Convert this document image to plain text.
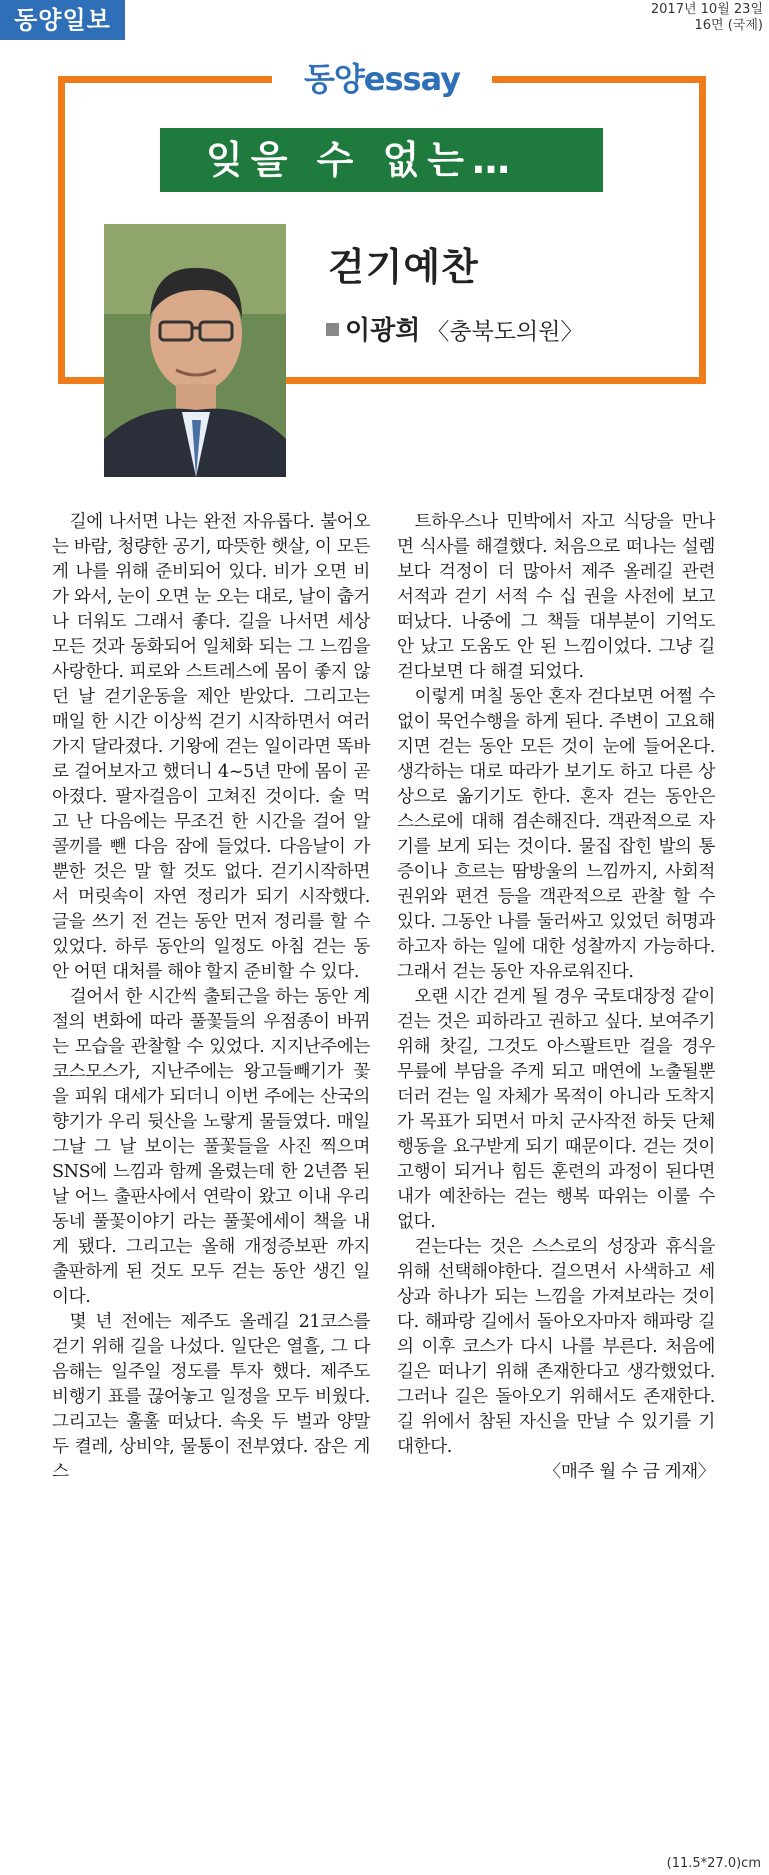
동양일보	2017년 10월 23일
16면 (국제)
동양essay
잊을 수 없는…
걷기예찬
이광희 〈충북도의원〉

길에 나서면 나는 완전 자유롭다. 불어오는 바람, 청량한 공기, 따뜻한 햇살, 이 모든 게 나를 위해 준비되어 있다. 비가 오면 비가 와서, 눈이 오면 눈 오는 대로, 날이 춥거나 더워도 그래서 좋다. 길을 나서면 세상 모든 것과 동화되어 일체화 되는 그 느낌을 사랑한다. 피로와 스트레스에 몸이 좋지 않던 날 걷기운동을 제안 받았다. 그리고는 매일 한 시간 이상씩 걷기 시작하면서 여러 가지 달라졌다. 기왕에 걷는 일이라면 똑바로 걸어보자고 했더니 4~5년 만에 몸이 곧아졌다. 팔자걸음이 고쳐진 것이다. 술 먹고 난 다음에는 무조건 한 시간을 걸어 알콜끼를 뺀 다음 잠에 들었다. 다음날이 가뿐한 것은 말 할 것도 없다. 걷기시작하면서 머릿속이 자연 정리가 되기 시작했다. 글을 쓰기 전 걷는 동안 먼저 정리를 할 수 있었다. 하루 동안의 일정도 아침 걷는 동안 어떤 대처를 해야 할지 준비할 수 있다.

걸어서 한 시간씩 출퇴근을 하는 동안 계절의 변화에 따라 풀꽃들의 우점종이 바뀌는 모습을 관찰할 수 있었다. 지지난주에는 코스모스가, 지난주에는 왕고들빼기가 꽃을 피워 대세가 되더니 이번 주에는 산국의 향기가 우리 뒷산을 노랗게 물들였다. 매일 그날 그 날 보이는 풀꽃들을 사진 찍으며 SNS에 느낌과 함께 올렸는데 한 2년쯤 된 날 어느 출판사에서 연락이 왔고 이내 우리 동네 풀꽃이야기 라는 풀꽃에세이 책을 내게 됐다. 그리고는 올해 개정증보판 까지 출판하게 된 것도 모두 걷는 동안 생긴 일이다.

몇 년 전에는 제주도 올레길 21코스를 걷기 위해 길을 나섰다. 일단은 열흘, 그 다음해는 일주일 정도를 투자 했다. 제주도 비행기 표를 끊어놓고 일정을 모두 비웠다. 그리고는 훌훌 떠났다. 속옷 두 벌과 양말 두 켤레, 상비약, 물통이 전부였다. 잠은 게스

트하우스나 민박에서 자고 식당을 만나면 식사를 해결했다. 처음으로 떠나는 설렘보다 걱정이 더 많아서 제주 올레길 관련 서적과 걷기 서적 수 십 권을 사전에 보고 떠났다. 나중에 그 책들 대부분이 기억도 안 났고 도움도 안 된 느낌이었다. 그냥 길 걷다보면 다 해결 되었다.

이렇게 며칠 동안 혼자 걷다보면 어쩔 수 없이 묵언수행을 하게 된다. 주변이 고요해 지면 걷는 동안 모든 것이 눈에 들어온다. 생각하는 대로 따라가 보기도 하고 다른 상상으로 옮기기도 한다. 혼자 걷는 동안은 스스로에 대해 겸손해진다. 객관적으로 자기를 보게 되는 것이다. 물집 잡힌 발의 통증이나 흐르는 땀방울의 느낌까지, 사회적 권위와 편견 등을 객관적으로 관찰 할 수 있다. 그동안 나를 둘러싸고 있었던 허명과 하고자 하는 일에 대한 성찰까지 가능하다. 그래서 걷는 동안 자유로워진다.

오랜 시간 걷게 될 경우 국토대장정 같이 걷는 것은 피하라고 권하고 싶다. 보여주기 위해 찻길, 그것도 아스팔트만 걸을 경우 무릎에 부담을 주게 되고 매연에 노출될뿐더러 걷는 일 자체가 목적이 아니라 도착지가 목표가 되면서 마치 군사작전 하듯 단체행동을 요구받게 되기 때문이다. 걷는 것이 고행이 되거나 힘든 훈련의 과정이 된다면 내가 예찬하는 걷는 행복 따위는 이룰 수 없다.

걷는다는 것은 스스로의 성장과 휴식을 위해 선택해야한다. 걸으면서 사색하고 세상과 하나가 되는 느낌을 가져보라는 것이다. 해파랑 길에서 돌아오자마자 해파랑 길의 이후 코스가 다시 나를 부른다. 처음에 길은 떠나기 위해 존재한다고 생각했었다. 그러나 길은 돌아오기 위해서도 존재한다. 길 위에서 참된 자신을 만날 수 있기를 기대한다.

〈매주 월 수 금 게재〉
(11.5*27.0)cm
